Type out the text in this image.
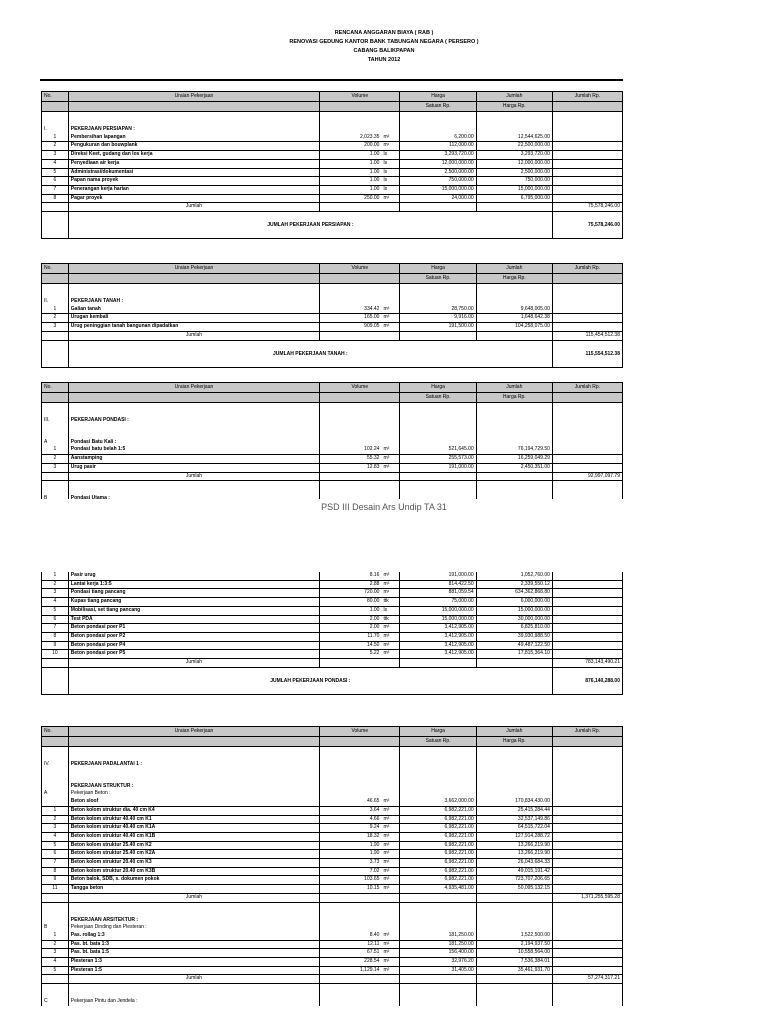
RENCANA ANGGARAN BIAYA ( RAB )
RENOVASI GEDUNG KANTOR BANK TABUNGAN NEGARA ( PERSERO )
CABANG BALIKPAPAN
TAHUN 2012
No.	Uraian Pekerjaan	Volume	Harga	Jumlah	Jumlah Rp.
			Satuan Rp.	Harga Rp.	

I.	PEKERJAAN PERSIAPAN :				
1	Pembersihan lapangan	2,023.35 m²	6,200.00	12,544,625.00	
2	Pengukuran dan bouwplank	200.00 m¹	112,000.00	22,500,000.00	
3	Direksi Keet, gudang dan los kerja	1.00 ls	3,293,720.00	3,293,720.00	
4	Penyediaan air kerja	1.00 ls	12,000,000.00	12,000,000.00	
5	Administrasi/dokumentasi	1.00 ls	2,500,000.00	2,500,000.00	
6	Papan nama proyek	1.00 ls	750,000.00	750,000.00	
7	Penerangan kerja harian	1.00 ls	15,000,000.00	15,000,000.00	
8	Pagar proyek	250.00 m¹	24,000.00	6,795,000.00	
	Jumlah				75,578,246.00
	JUMLAH PEKERJAAN PERSIAPAN :				75,578,246.00
No.	Uraian Pekerjaan	Volume	Harga	Jumlah	Jumlah Rp.
			Satuan Rp.	Harga Rp.	

II.	PEKERJAAN TANAH :				
1	Galian tanah	334.42 m³	28,750.00	9,648,005.00	
2	Urugan kembali	165.00 m³	9,916.00	1,648,642.38	
3	Urug peninggian tanah bangunan dipadatkan	909.05 m³	191,500.00	104,258,075.00	
	Jumlah				115,454,512.38
	JUMLAH PEKERJAAN TANAH :				115,554,512.38
No.	Uraian Pekerjaan	Volume	Harga	Jumlah	Jumlah Rp.
			Satuan Rp.	Harga Rp.	

III.	PEKERJAAN PONDASI :				

A	Pondasi Batu Kali :				
1	Pondasi batu belah 1:5	102.24 m³	521,645.00	76,194,729.50	
2	Aanstamping	55.32 m³	255,573.00	16,259,049.29	
3	Urug pasir	12.83 m³	191,000.00	2,450,351.00	
	Jumlah				92,997,097.79

1	Pasir urug	8.16 m³	191,000.00	1,052,760.00	
2	Lantai kerja 1:3:5	2.88 m³	814,422.50	2,339,550.12	
3	Pondasi tiang pancang	720.00 m¹	881,059.54	634,362,868.80	
4	Kupas tiang pancang	80.00 ttk	75,000.00	6,000,000.00	
5	Mobilisasi, set tiang pancang	1.00 ls	15,000,000.00	15,000,000.00	
6	Test PDA	2.00 ttk	15,000,000.00	30,000,000.00	
7	Beton pondasi poer P1	2.00 m³	3,412,905.00	6,825,810.00	
8	Beton pondasi poer P2	11.70 m³	3,412,905.00	39,930,988.50	
9	Beton pondasi poer P4	14.50 m³	3,412,905.00	49,487,122.50	
10	Beton pondasi poer P5	5.22 m³	3,412,905.00	17,815,364.10	
	Jumlah				783,143,490.21
	JUMLAH PEKERJAAN PONDASI :				876,140,288.00
No.	Uraian Pekerjaan	Volume	Harga	Jumlah	Jumlah Rp.
			Satuan Rp.	Harga Rp.	

IV.	PEKERJAAN PADALANTAI 1 :				

	PEKERJAAN STRUKTUR :				
A	Pekerjaan Beton :				
	Beton sloof	46.65 m³	3,662,000.00	170,834,430.00	
1	Beton kolom struktur dia. 40 cm K4	3.64 m³	6,982,221.00	25,415,284.44	
2	Beton kolom struktur 40.40 cm K1	4.66 m³	6,982,221.00	32,537,149.86	
3	Beton kolom struktur 40.40 cm K1A	9.24 m³	6,982,221.00	64,515,722.04	
4	Beton kolom struktur 40.40 cm K1B	18.32 m³	6,982,221.00	127,914,288.72	
5	Beton kolom struktur 25.40 cm K2	1.90 m³	6,982,221.00	13,266,219.90	
6	Beton kolom struktur 25.40 cm K2A	1.90 m³	6,982,221.00	13,266,219.90	
7	Beton kolom struktur 20.40 cm K3	3.73 m³	6,982,221.00	26,043,684.33	
8	Beton kolom struktur 20.40 cm K3B	7.02 m³	6,982,221.00	49,015,191.42	
9	Beton balok, SDB, s. dokumen pokok	103.65 m³	6,982,221.00	723,707,206.65	
11	Tangga beton	10.15 m³	4,935,481.00	50,095,132.15	
	Jumlah				1,371,255,595.28

	PEKERJAAN ARSITEKTUR :				
B	Pekerjaan Dinding dan Plesteran :				
1	Pas. rollag 1:3	8.40 m³	181,250.00	1,522,500.00	
2	Pas. bt. bata 1:3	12.11 m²	181,250.00	2,194,937.50	
3	Pas. bt. bata 1:5	67.51 m²	156,400.00	10,558,564.00	
4	Plesteran 1:3	228.54 m²	32,976.20	7,536,384.01	
5	Plesteran 1:5	1,129.14 m²	31,405.00	35,461,931.70	
	Jumlah				57,274,317.21

C	Pekerjaan Pintu dan Jendela :				
PSD III Desain Ars Undip TA 31
